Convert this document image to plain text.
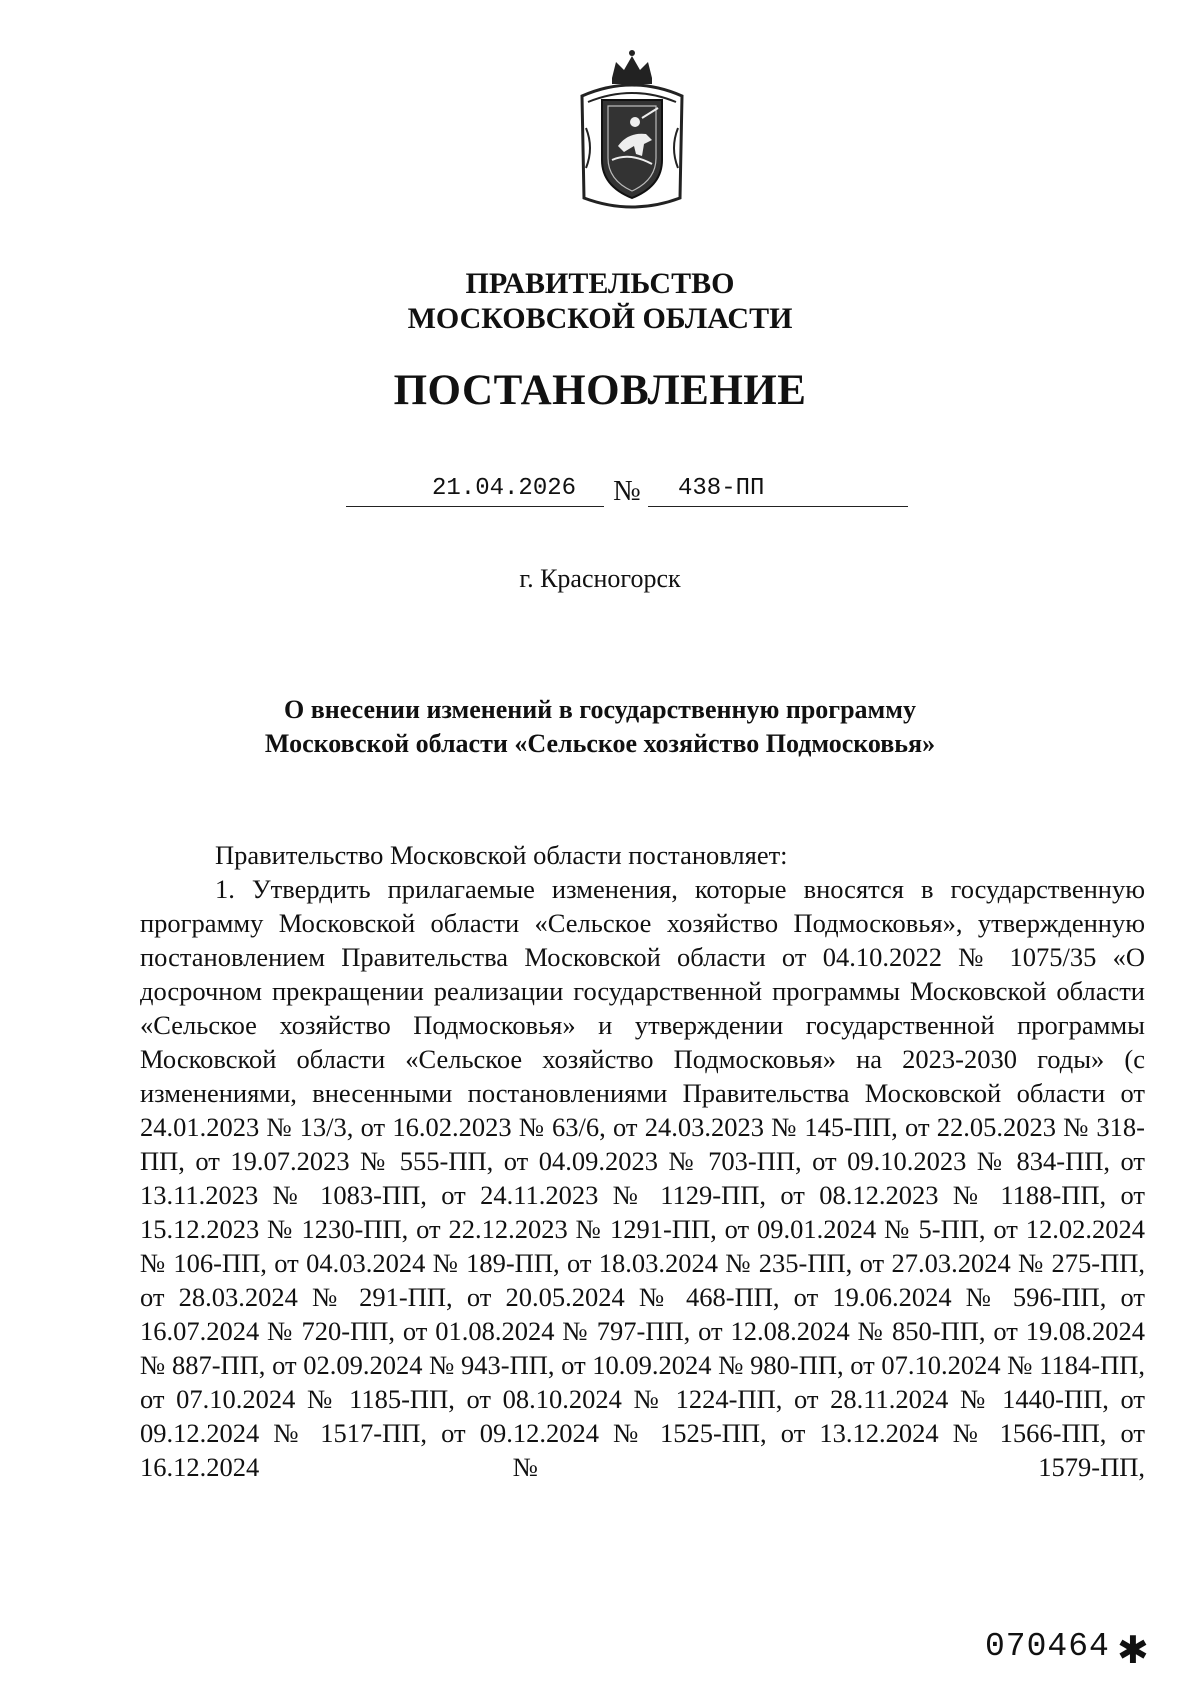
ПРАВИТЕЛЬСТВО
МОСКОВСКОЙ ОБЛАСТИ
ПОСТАНОВЛЕНИЕ
21.04.2026 № 438-ПП
г. Красногорск
О внесении изменений в государственную программу
Московской области «Сельское хозяйство Подмосковья»

Правительство Московской области постановляет:

1. Утвердить прилагаемые изменения, которые вносятся в государственную программу Московской области «Сельское хозяйство Подмосковья», утвержденную постановлением Правительства Московской области от 04.10.2022 № 1075/35 «О досрочном прекращении реализации государственной программы Московской области «Сельское хозяйство Подмосковья» и утверждении государственной программы Московской области «Сельское хозяйство Подмосковья» на 2023-2030 годы» (с изменениями, внесенными постановлениями Правительства Московской области от 24.01.2023 № 13/3, от 16.02.2023 № 63/6, от 24.03.2023 № 145-ПП, от 22.05.2023 № 318-ПП, от 19.07.2023 № 555-ПП, от 04.09.2023 № 703-ПП, от 09.10.2023 № 834-ПП, от 13.11.2023 № 1083-ПП, от 24.11.2023 № 1129-ПП, от 08.12.2023 № 1188-ПП, от 15.12.2023 № 1230-ПП, от 22.12.2023 № 1291-ПП, от 09.01.2024 № 5-ПП, от 12.02.2024 № 106-ПП, от 04.03.2024 № 189-ПП, от 18.03.2024 № 235-ПП, от 27.03.2024 № 275-ПП, от 28.03.2024 № 291-ПП, от 20.05.2024 № 468-ПП, от 19.06.2024 № 596-ПП, от 16.07.2024 № 720-ПП, от 01.08.2024 № 797-ПП, от 12.08.2024 № 850-ПП, от 19.08.2024 № 887-ПП, от 02.09.2024 № 943-ПП, от 10.09.2024 № 980-ПП, от 07.10.2024 № 1184-ПП, от 07.10.2024 № 1185-ПП, от 08.10.2024 № 1224-ПП, от 28.11.2024 № 1440-ПП, от 09.12.2024 № 1517-ПП, от 09.12.2024 № 1525-ПП, от 13.12.2024 № 1566-ПП, от 16.12.2024 № 1579-ПП,

070464 ✱
